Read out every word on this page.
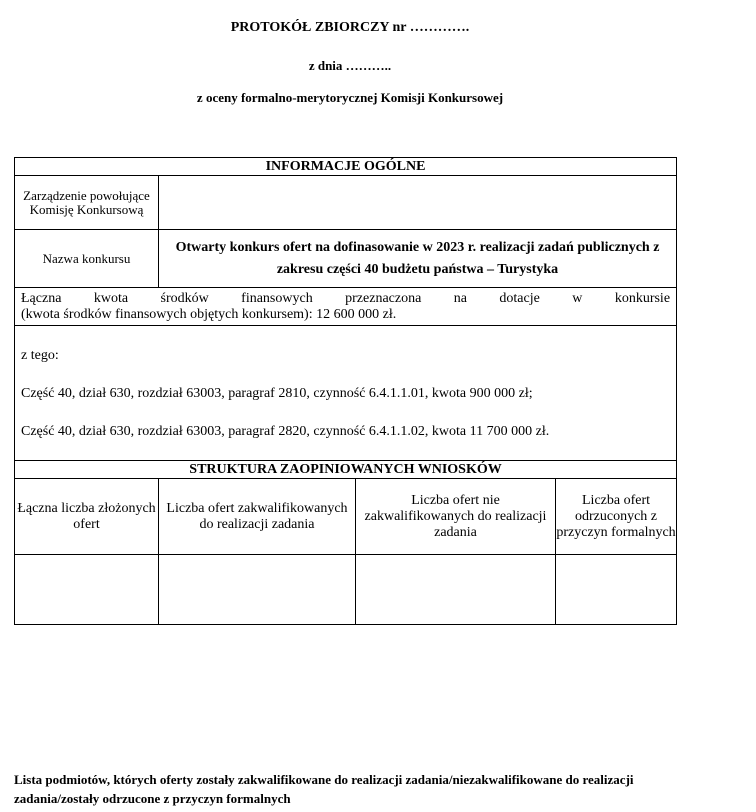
PROTOKÓŁ ZBIORCZY nr ………….
z dnia ………..
z oceny formalno-merytorycznej Komisji Konkursowej
INFORMACJE OGÓLNE			
Zarządzenie powołujące Komisję Konkursową			
Nazwa konkursu	Otwarty konkurs ofert na dofinasowanie w 2023 r. realizacji zadań publicznych z zakresu części 40 budżetu państwa – Turystyka		

Łączna kwota środków finansowych przeznaczona na dotacje w konkursie
(kwota środków finansowych objętych konkursem): 12 600 000 zł.			

z tego:

Część 40, dział 630, rozdział 63003, paragraf 2810, czynność 6.4.1.1.01, kwota 900 000 zł;

Część 40, dział 630, rozdział 63003, paragraf 2820, czynność 6.4.1.1.02, kwota 11 700 000 zł.			

STRUKTURA ZAOPINIOWANYCH WNIOSKÓW			
Łączna liczba złożonych ofert	Liczba ofert zakwalifikowanych do realizacji zadania	Liczba ofert nie zakwalifikowanych do realizacji zadania	Liczba ofert odrzuconych z przyczyn formalnych

Lista podmiotów, których oferty zostały zakwalifikowane do realizacji zadania/niezakwalifikowane do realizacji zadania/zostały odrzucone z przyczyn formalnych
